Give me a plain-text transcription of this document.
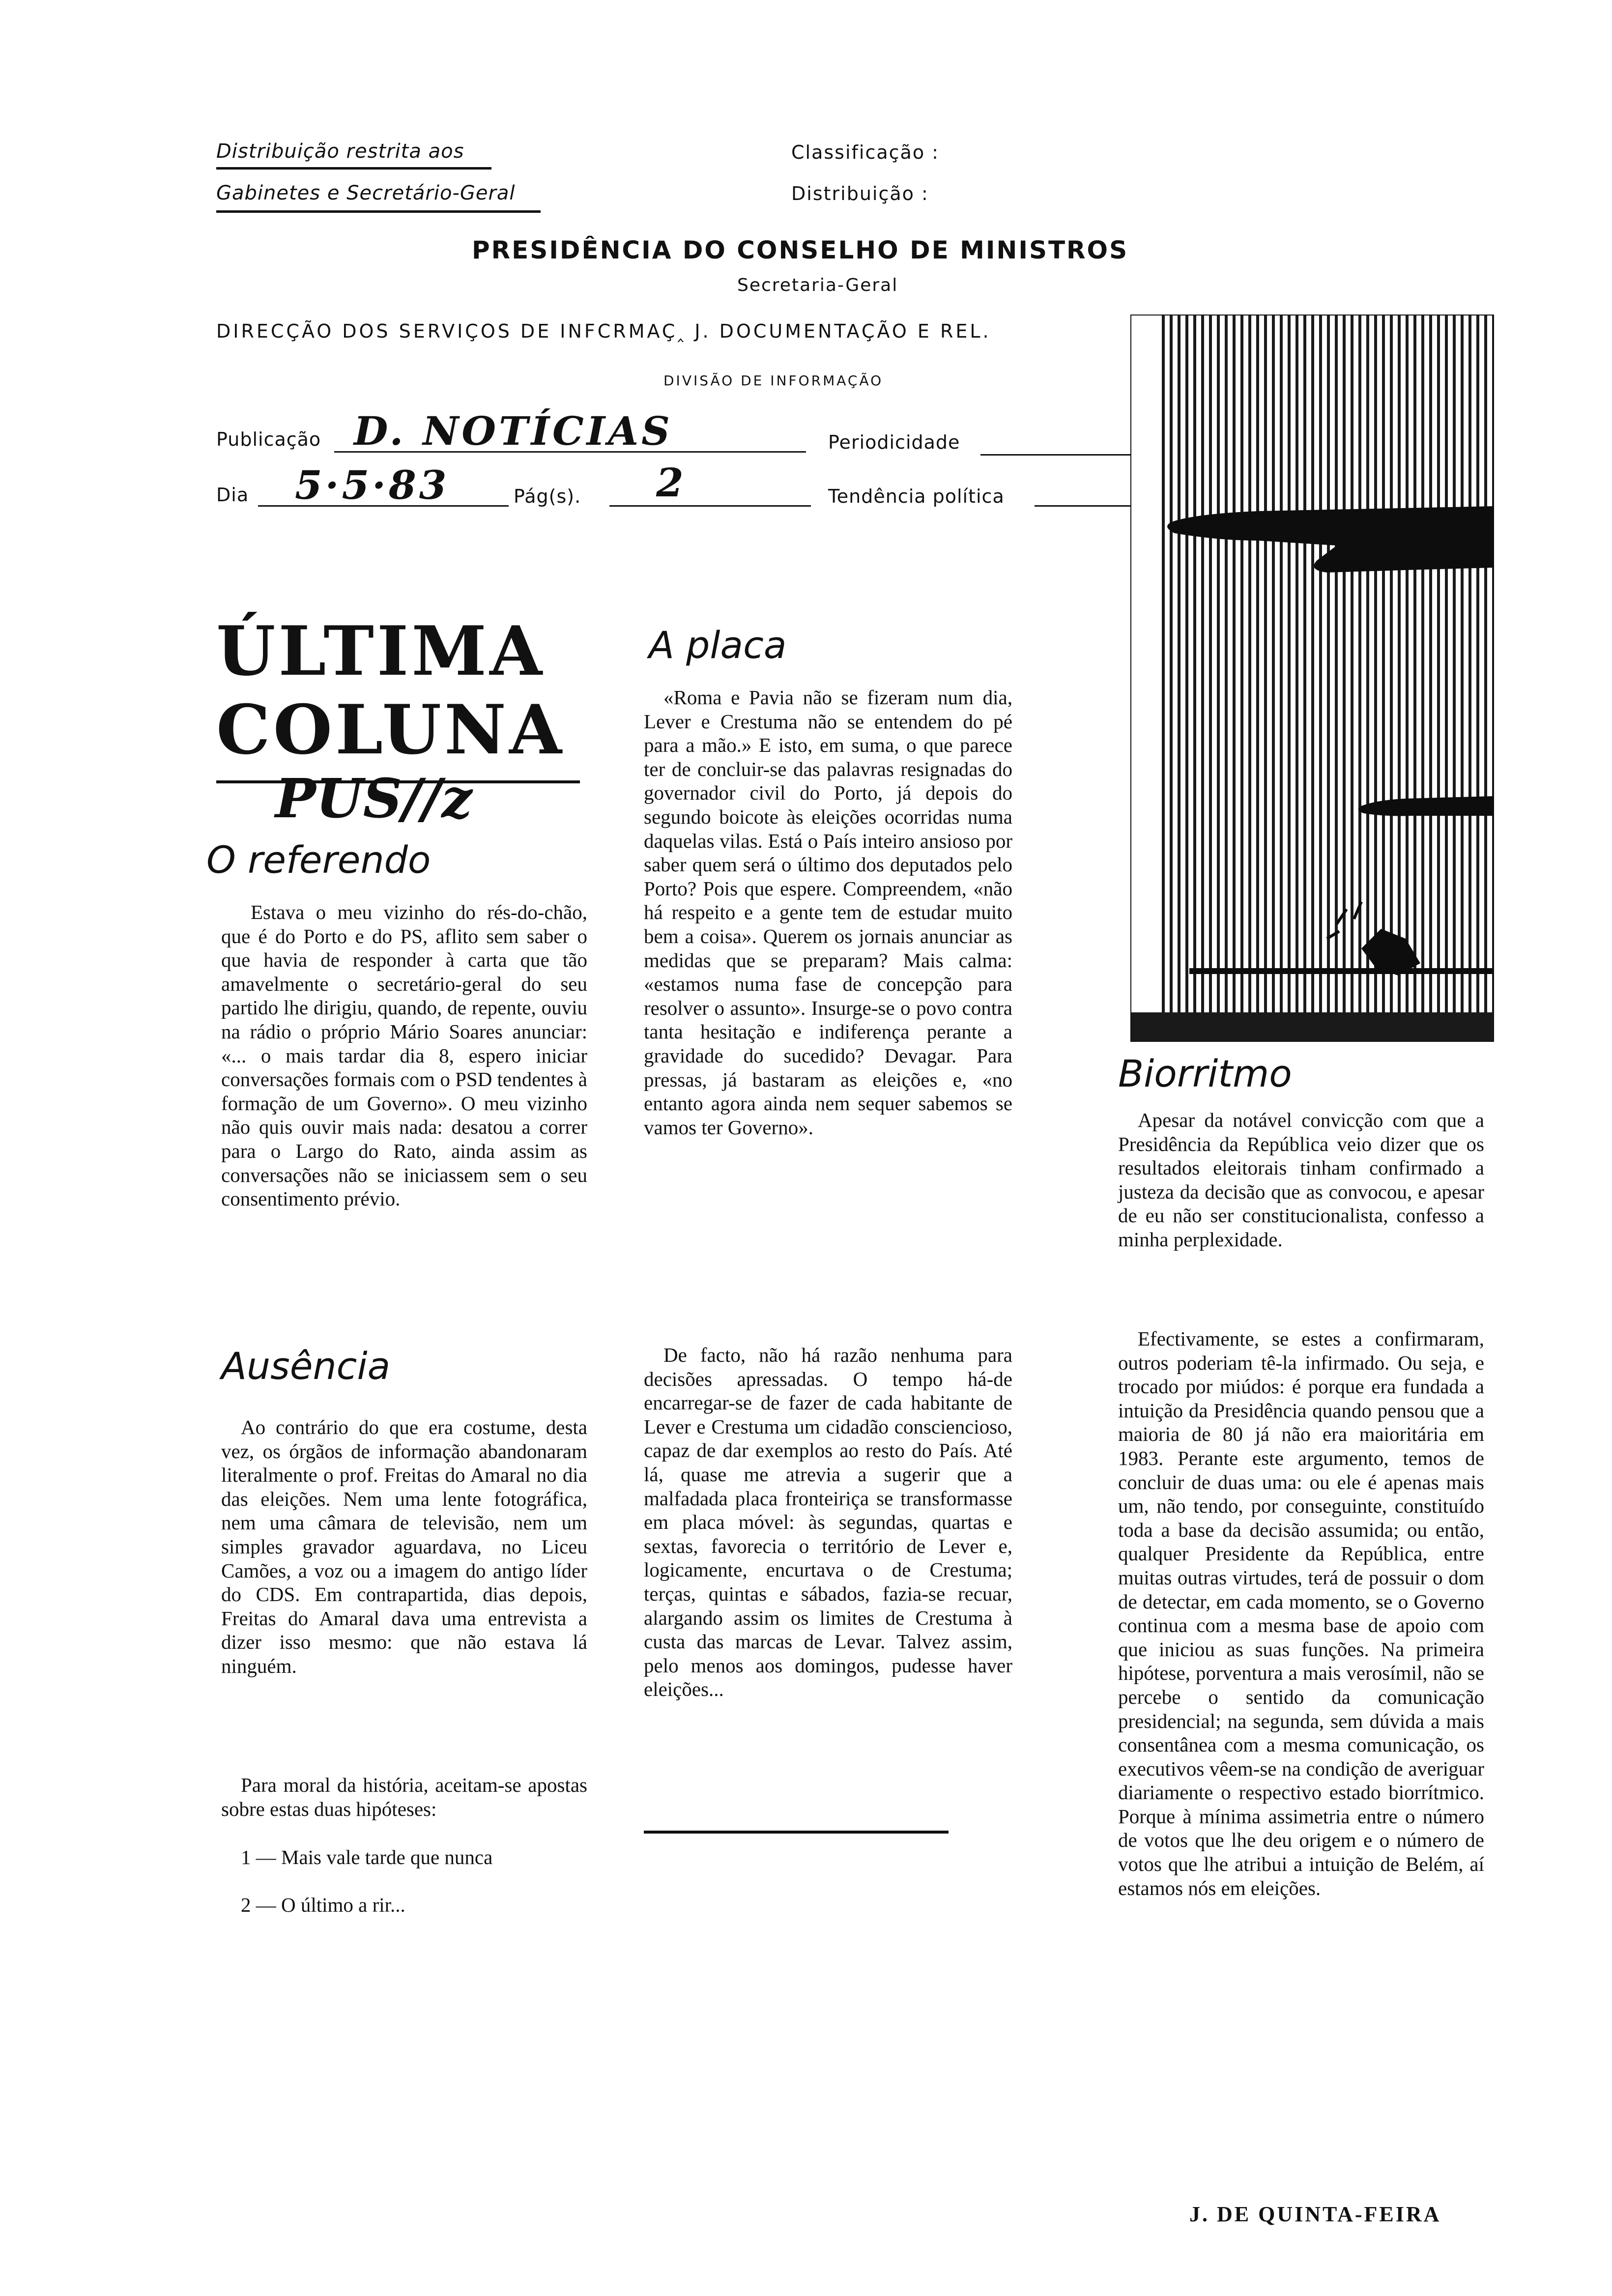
Distribuição restrita aos
Gabinetes e Secretário-Geral
Classificação :
Distribuição :
PRESIDÊNCIA DO CONSELHO DE MINISTROS
Secretaria-Geral
DIRECÇÃO DOS SERVIÇOS DE INFCRMAÇ‸ J. DOCUMENTAÇÃO E REL.
DIVISÃO DE INFORMAÇÃO
Publicação D. NOTÍCIAS	Periodicidade
Dia 5·5·83	Pág(s). 2	Tendência política
ÚLTIMA
COLUNA
PUS//z
O referendo
Estava o meu vizinho do rés-do-chão, que é do Porto e do PS, aflito sem saber o que havia de responder à carta que tão amavelmente o secretário-geral do seu partido lhe dirigiu, quando, de repente, ouviu na rádio o próprio Mário Soares anunciar: «... o mais tardar dia 8, espero iniciar conversações formais com o PSD tendentes à formação de um Governo». O meu vizinho não quis ouvir mais nada: desatou a correr para o Largo do Rato, ainda assim as conversações não se iniciassem sem o seu consentimento prévio.
Ausência
Ao contrário do que era costume, desta vez, os órgãos de informação abandonaram literalmente o prof. Freitas do Amaral no dia das eleições. Nem uma lente fotográfica, nem uma câmara de televisão, nem um simples gravador aguardava, no Liceu Camões, a voz ou a imagem do antigo líder do CDS. Em contrapartida, dias depois, Freitas do Amaral dava uma entrevista a dizer isso mesmo: que não estava lá ninguém.
Para moral da história, aceitam-se apostas sobre estas duas hipóteses:
1 — Mais vale tarde que nunca
2 — O último a rir...
A placa
«Roma e Pavia não se fizeram num dia, Lever e Crestuma não se entendem do pé para a mão.» E isto, em suma, o que parece ter de concluir-se das palavras resignadas do governador civil do Porto, já depois do segundo boicote às eleições ocorridas numa daquelas vilas. Está o País inteiro ansioso por saber quem será o último dos deputados pelo Porto? Pois que espere. Compreendem, «não há respeito e a gente tem de estudar muito bem a coisa». Querem os jornais anunciar as medidas que se preparam? Mais calma: «estamos numa fase de concepção para resolver o assunto». Insurge-se o povo contra tanta hesitação e indiferença perante a gravidade do sucedido? Devagar. Para pressas, já bastaram as eleições e, «no entanto agora ainda nem sequer sabemos se vamos ter Governo».
De facto, não há razão nenhuma para decisões apressadas. O tempo há-de encarregar-se de fazer de cada habitante de Lever e Crestuma um cidadão consciencioso, capaz de dar exemplos ao resto do País. Até lá, quase me atrevia a sugerir que a malfadada placa fronteiriça se transformasse em placa móvel: às segundas, quartas e sextas, favorecia o território de Lever e, logicamente, encurtava o de Crestuma; terças, quintas e sábados, fazia-se recuar, alargando assim os limites de Crestuma à custa das marcas de Levar. Talvez assim, pelo menos aos domingos, pudesse haver eleições...
Biorritmo
Apesar da notável convicção com que a Presidência da República veio dizer que os resultados eleitorais tinham confirmado a justeza da decisão que as convocou, e apesar de eu não ser constitucionalista, confesso a minha perplexidade.
Efectivamente, se estes a confirmaram, outros poderiam tê-la infirmado. Ou seja, e trocado por miúdos: é porque era fundada a intuição da Presidência quando pensou que a maioria de 80 já não era maioritária em 1983. Perante este argumento, temos de concluir de duas uma: ou ele é apenas mais um, não tendo, por conseguinte, constituído toda a base da decisão assumida; ou então, qualquer Presidente da República, entre muitas outras virtudes, terá de possuir o dom de detectar, em cada momento, se o Governo continua com a mesma base de apoio com que iniciou as suas funções. Na primeira hipótese, porventura a mais verosímil, não se percebe o sentido da comunicação presidencial; na segunda, sem dúvida a mais consentânea com a mesma comunicação, os executivos vêem-se na condição de averiguar diariamente o respectivo estado biorrítmico. Porque à mínima assimetria entre o número de votos que lhe deu origem e o número de votos que lhe atribui a intuição de Belém, aí estamos nós em eleições.
J. DE QUINTA-FEIRA
